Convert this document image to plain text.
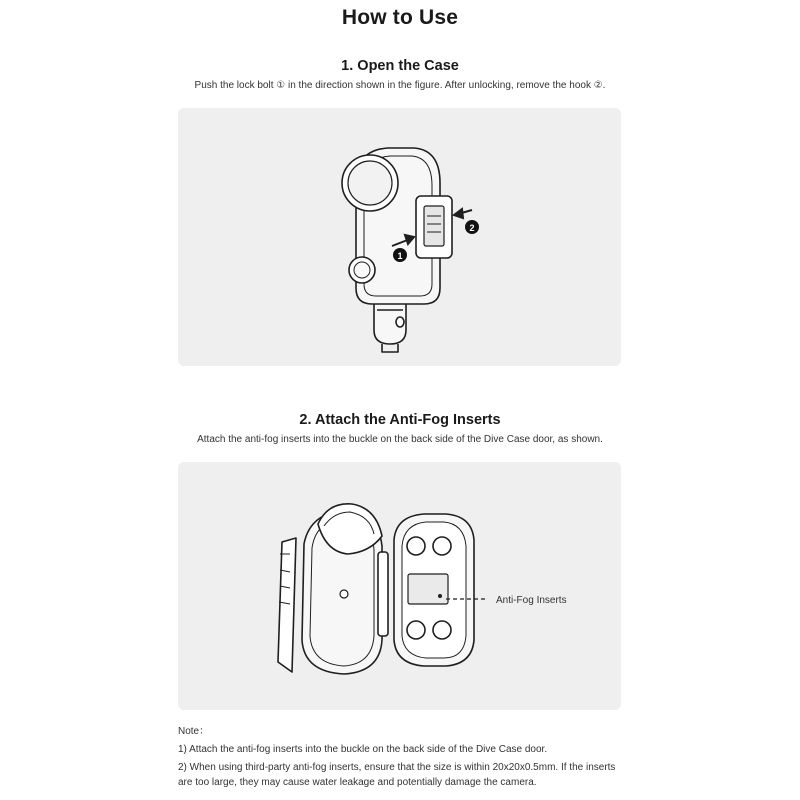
How to Use
1. Open the Case
Push the lock bolt ① in the direction shown in the figure. After unlocking, remove the hook ②.
1
2
2. Attach the Anti-Fog Inserts
Attach the anti-fog inserts into the buckle on the back side of the Dive Case door, as shown.
Anti-Fog Inserts

Note：

1) Attach the anti-fog inserts into the buckle on the back side of the Dive Case door.

2) When using third-party anti-fog inserts, ensure that the size is within 20x20x0.5mm. If the inserts are too large, they may cause water leakage and potentially damage the camera.
